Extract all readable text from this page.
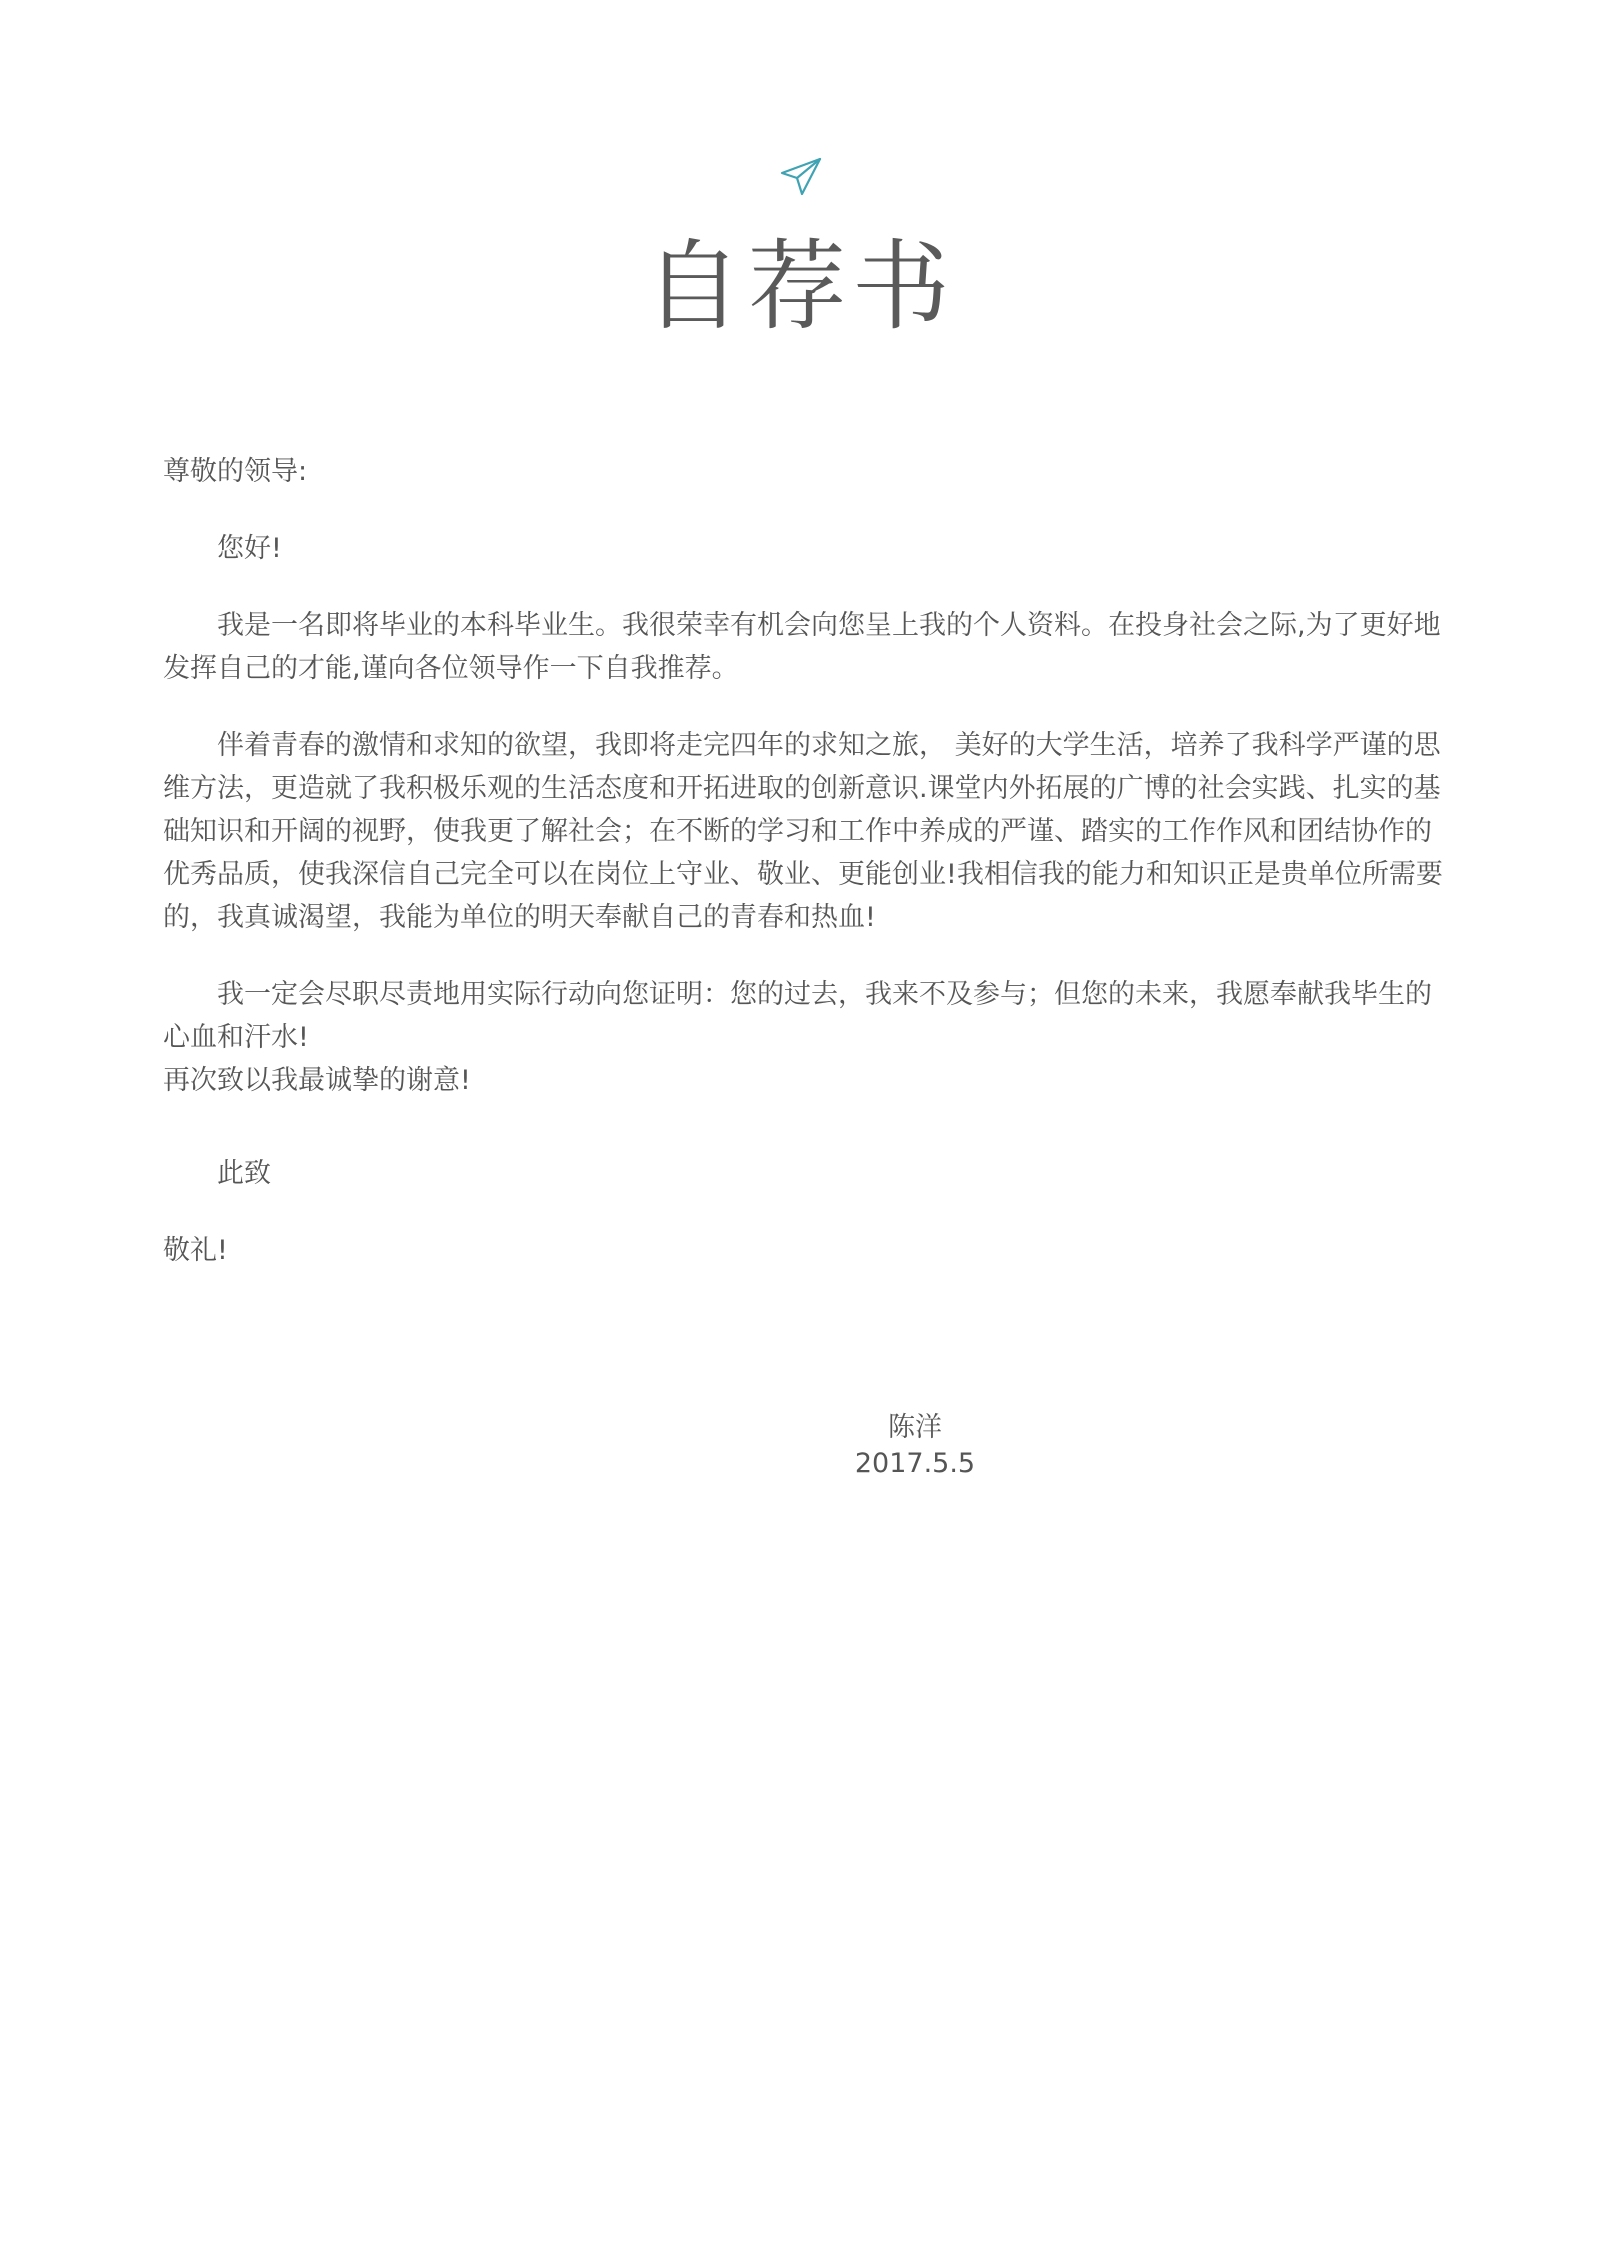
自荐书

尊敬的领导:

您好!

我是一名即将毕业的本科毕业生。我很荣幸有机会向您呈上我的个人资料。在投身社会之际,为了更好地发挥自己的才能,谨向各位领导作一下自我推荐。

伴着青春的激情和求知的欲望，我即将走完四年的求知之旅， 美好的大学生活，培养了我科学严谨的思维方法，更造就了我积极乐观的生活态度和开拓进取的创新意识.课堂内外拓展的广博的社会实践、扎实的基础知识和开阔的视野，使我更了解社会；在不断的学习和工作中养成的严谨、踏实的工作作风和团结协作的优秀品质，使我深信自己完全可以在岗位上守业、敬业、更能创业!我相信我的能力和知识正是贵单位所需要的，我真诚渴望，我能为单位的明天奉献自己的青春和热血!

我一定会尽职尽责地用实际行动向您证明：您的过去，我来不及参与；但您的未来，我愿奉献我毕生的心血和汗水!

再次致以我最诚挚的谢意!

此致

敬礼!

陈洋
2017.5.5
